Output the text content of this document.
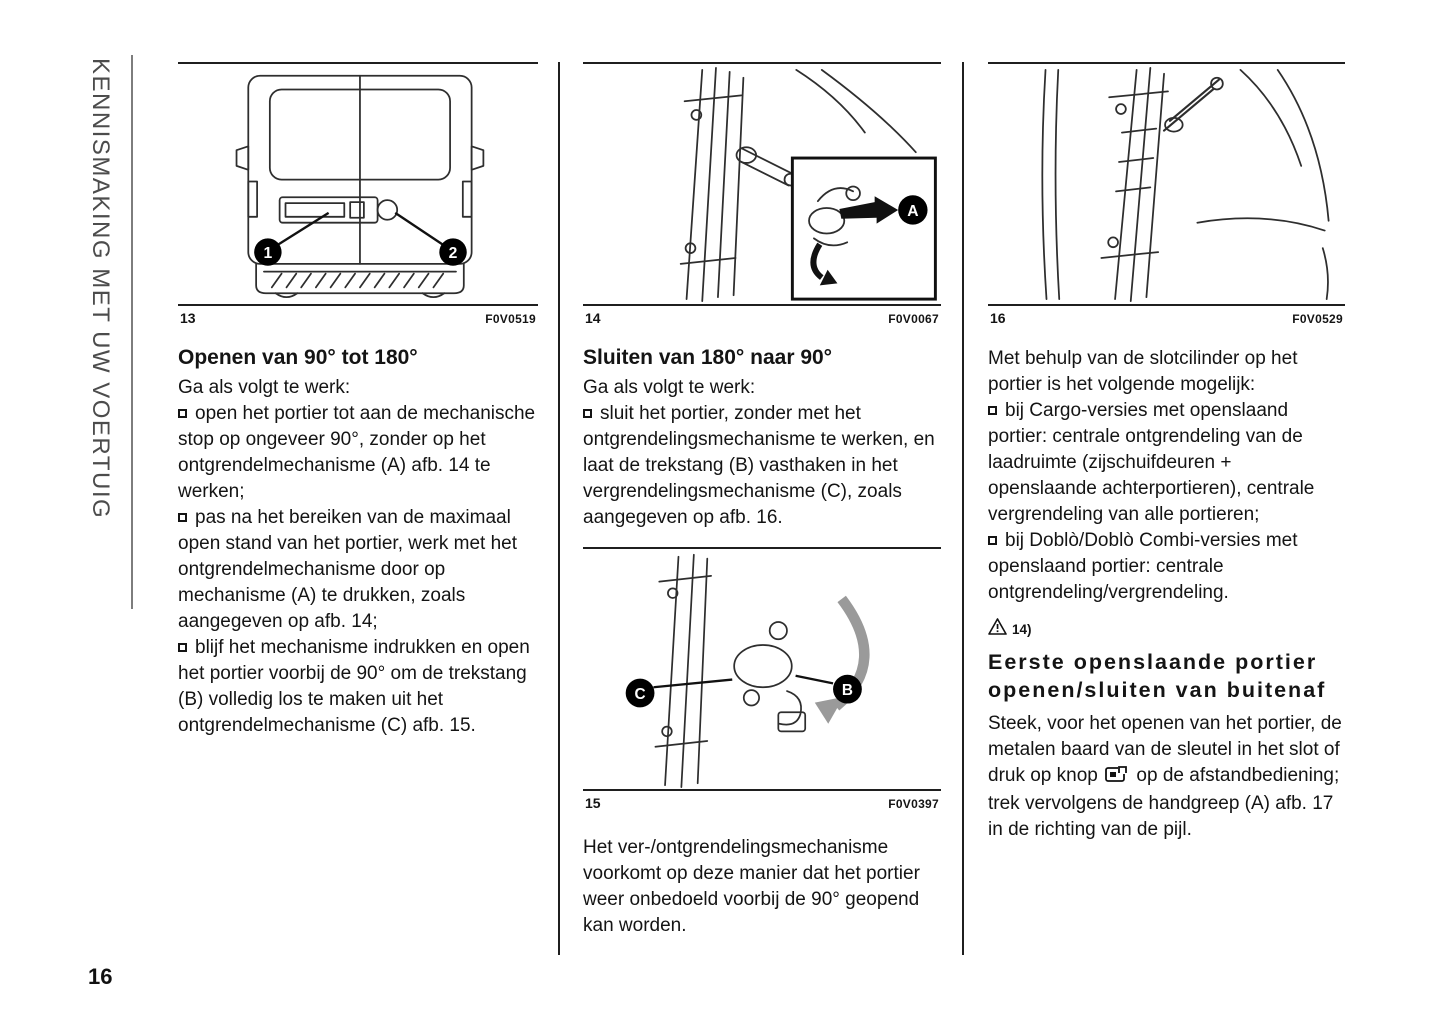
KENNISMAKING MET UW VOERTUIG	1	2
13	F0V0519
Openen van 90° tot 180°

Ga als volgt te werk:

open het portier tot aan de mechanische stop op ongeveer 90°, zonder op het ontgrendelmechanisme (A) afb. 14 te werken;

pas na het bereiken van de maximaal open stand van het portier, werk met het ontgrendelmechanisme door op mechanisme (A) te drukken, zoals aangegeven op afb. 14;

blijf het mechanisme indrukken en open het portier voorbij de 90° om de trekstang (B) volledig los te maken uit het ontgrendelmechanisme (C) afb. 15.

A
14	F0V0067
Sluiten van 180° naar 90°

Ga als volgt te werk:

sluit het portier, zonder met het ontgrendelingsmechanisme te werken, en laat de trekstang (B) vasthaken in het vergrendelingsmechanisme (C), zoals aangegeven op afb. 16.

C	B
15	F0V0397

Het ver-/ontgrendelingsmechanisme voorkomt op deze manier dat het portier weer onbedoeld voorbij de 90° geopend kan worden.

16	F0V0529

Met behulp van de slotcilinder op het portier is het volgende mogelijk:

bij Cargo-versies met openslaand portier: centrale ontgrendeling van de laadruimte (zijschuifdeuren + openslaande achterportieren), centrale vergrendeling van alle portieren;

bij Doblò/Doblò Combi-versies met openslaand portier: centrale ontgrendeling/vergrendeling.

14)
Eerste openslaande portier openen/sluiten van buitenaf

Steek, voor het openen van het portier, de metalen baard van de sleutel in het slot of druk op knop op de afstandbediening; trek vervolgens de handgreep (A) afb. 17 in de richting van de pijl.

16
